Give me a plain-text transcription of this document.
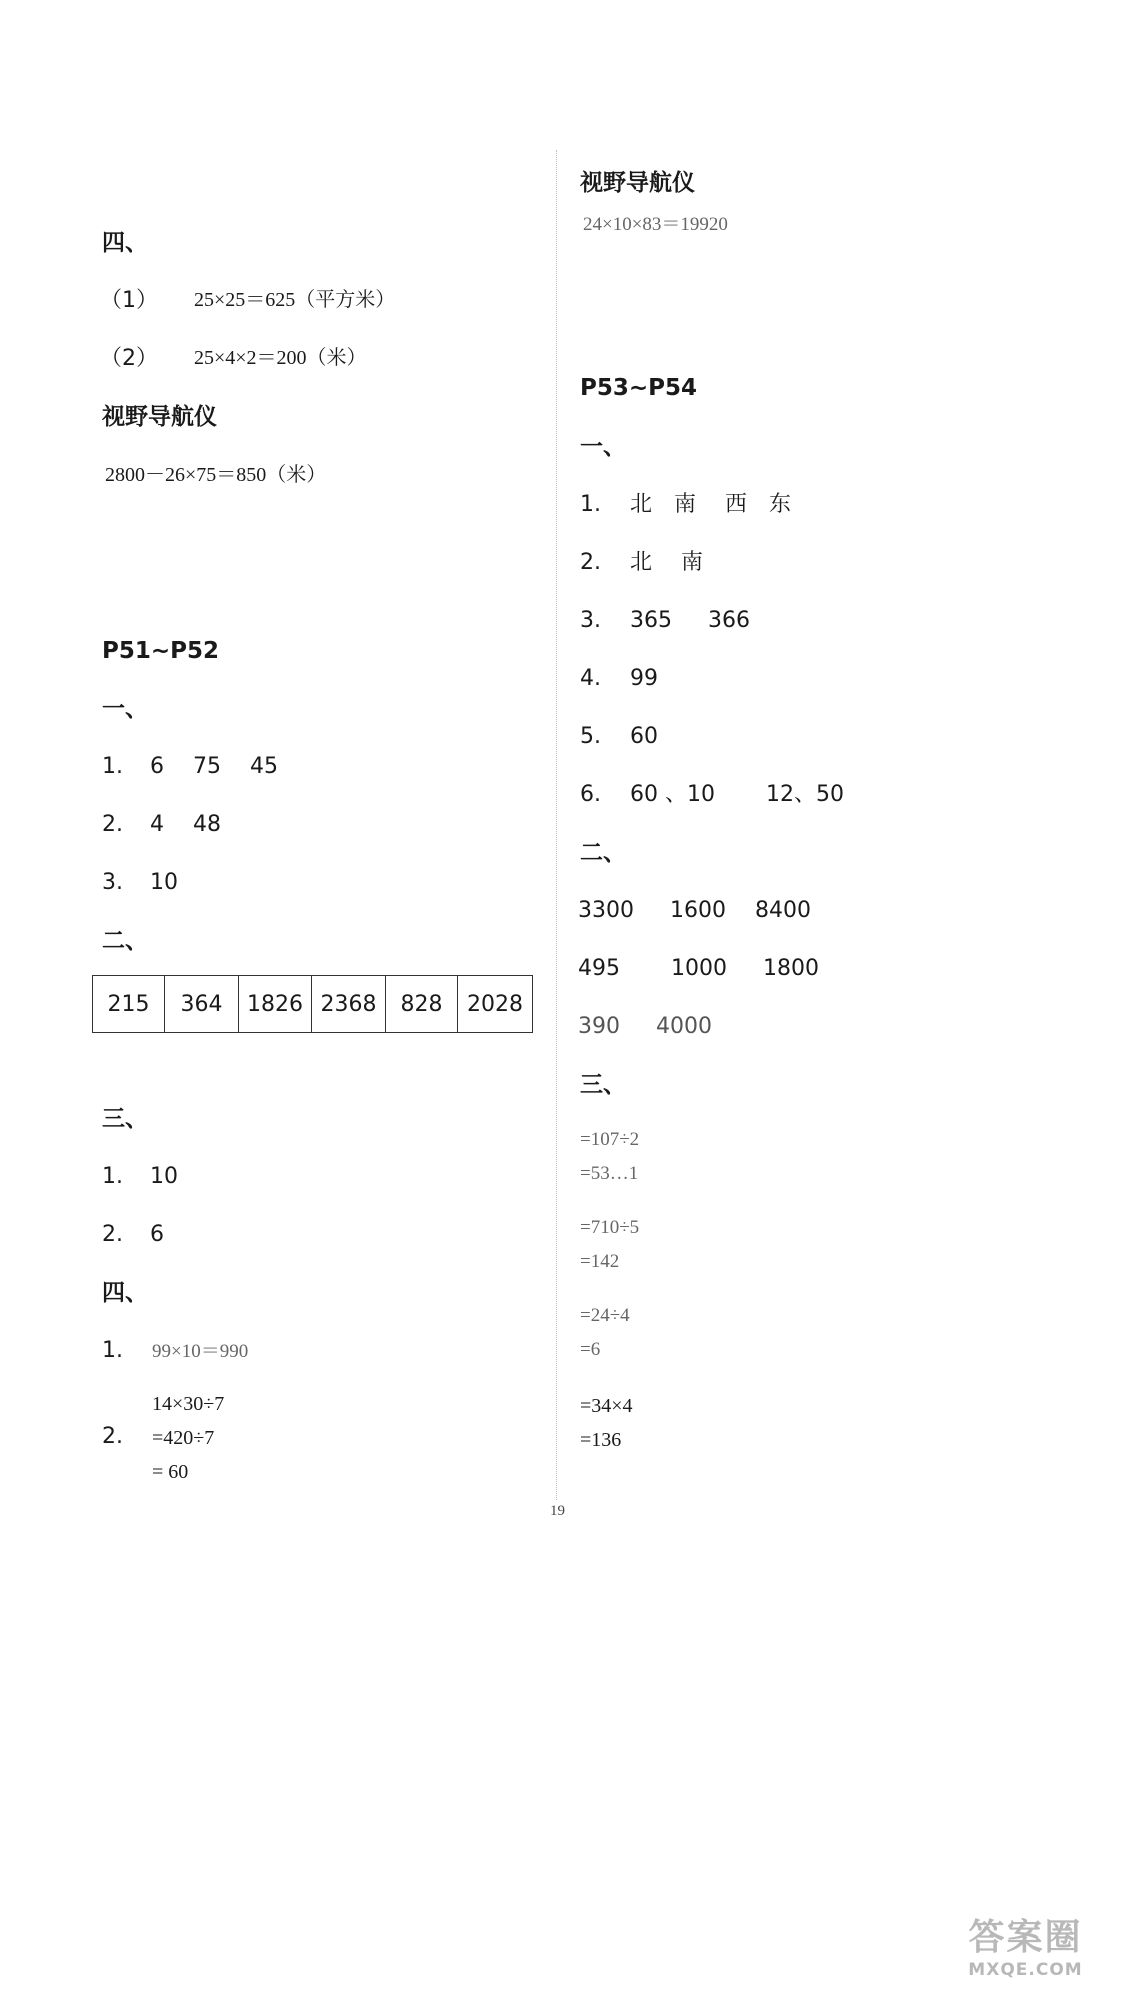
四、
（1） 25×25＝625（平方米）
（2） 25×4×2＝200（米）
视野导航仪
2800－26×75＝850（米）
P51~P52
一、
1. 6　 75 　45
2. 4 　48
3. 10
二、
215	364	1826	2368	828	2028
三、
1. 10
2. 6
四、
1. 99×10＝990
14×30÷7
2. =420÷7
= 60
视野导航仪
24×10×83＝19920
P53~P54
一、
1. 北　南 　西　东
2. 北 　南
3. 365 　 366
4. 99
5. 60
6. 60 、10 　　12、50
二、
3300 　 1600 　8400
495 　　1000 　 1800
390 　 4000
三、
=107÷2
=53…1
=710÷5
=142
=24÷4
=6
=34×4
=136
19
答案圈
MXQE.COM
